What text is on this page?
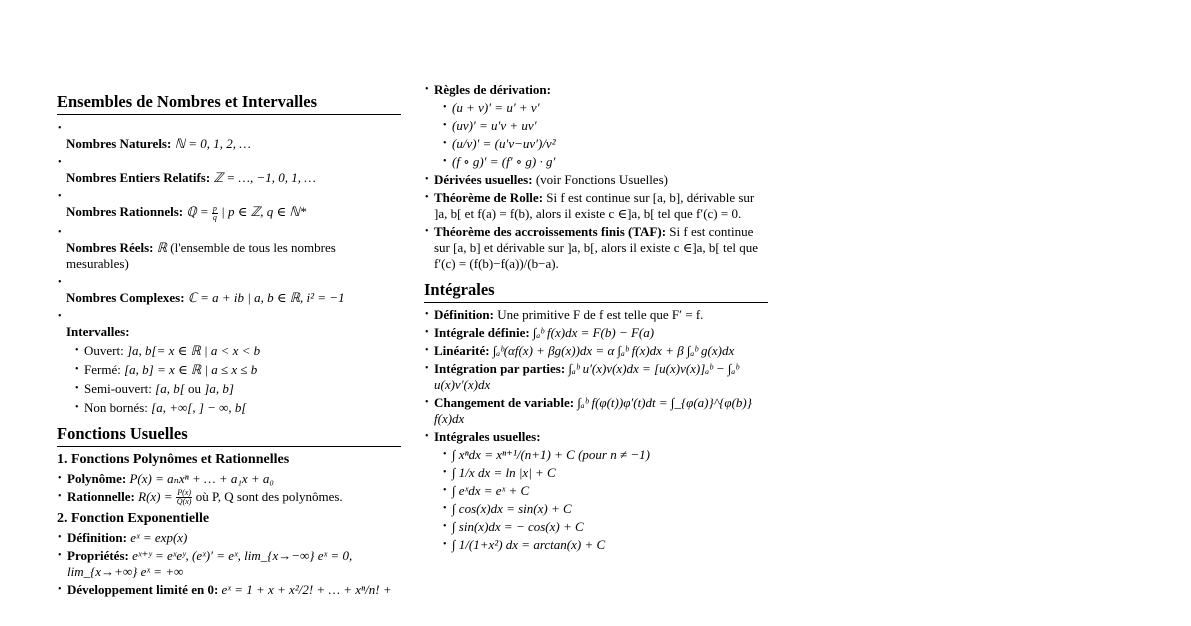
Ensembles de Nombres et Intervalles
• Nombres Naturels: ℕ = 0, 1, 2, …
• Nombres Entiers Relatifs: ℤ = …, −1, 0, 1, …
• Nombres Rationnels: ℚ = $\frac{p}{q}$ | p ∈ ℤ, q ∈ ℕ*
• Nombres Réels: ℝ (l'ensemble de tous les nombres mesurables)
• Nombres Complexes: ℂ = a + ib | a, b ∈ ℝ, i² = −1
• Intervalles:
• Ouvert: ]a, b[= x ∈ ℝ | a < x < b
• Fermé: [a, b] = x ∈ ℝ | a ≤ x ≤ b
• Semi-ouvert: [a, b[ ou ]a, b]
• Non bornés: [a, +∞[, ] − ∞, b[
Fonctions Usuelles
1. Fonctions Polynômes et Rationnelles
• Polynôme: P(x) = aₙxⁿ + … + a₁x + a₀
• Rationnelle: $R(x) = \frac{P(x)}{Q(x)}$ où P, Q sont des polynômes.
2. Fonction Exponentielle
• Définition: eˣ = exp(x)
• Propriétés: eˣ⁺ʸ = eˣeʸ, (eˣ)′ = eˣ, lim_{x→−∞} eˣ = 0, lim_{x→+∞} eˣ = +∞
• Développement limité en 0: eˣ = 1 + x + x²/2! + … + xⁿ/n! +
• Règles de dérivation:
• (u + v)′ = u′ + v′
• (uv)′ = u′v + uv′
• (u/v)′ = (u′v−uv′)/v²
• (f ∘ g)′ = (f′ ∘ g) · g′
• Dérivées usuelles: (voir Fonctions Usuelles)
• Théorème de Rolle: Si f est continue sur [a, b], dérivable sur ]a, b[ et f(a) = f(b), alors il existe c ∈]a, b[ tel que f′(c) = 0.
• Théorème des accroissements finis (TAF): Si f est continue sur [a, b] et dérivable sur ]a, b[, alors il existe c ∈]a, b[ tel que f′(c) = (f(b)−f(a))/(b−a).
Intégrales
• Définition: Une primitive F de f est telle que F′ = f.
• Intégrale définie: ∫ₐᵇ f(x)dx = F(b) − F(a)
• Linéarité: ∫ₐᵇ(αf(x) + βg(x))dx = α ∫ₐᵇ f(x)dx + β ∫ₐᵇ g(x)dx
• Intégration par parties: ∫ₐᵇ u′(x)v(x)dx = [u(x)v(x)]ₐᵇ − ∫ₐᵇ u(x)v′(x)dx
• Changement de variable: ∫ₐᵇ f(φ(t))φ′(t)dt = ∫_{φ(a)}^{φ(b)} f(x)dx
• Intégrales usuelles:
• ∫ xⁿdx = xⁿ⁺¹/(n+1) + C (pour n ≠ −1)
• ∫ 1/x dx = ln |x| + C
• ∫ eˣdx = eˣ + C
• ∫ cos(x)dx = sin(x) + C
• ∫ sin(x)dx = − cos(x) + C
• ∫ 1/(1+x²) dx = arctan(x) + C
